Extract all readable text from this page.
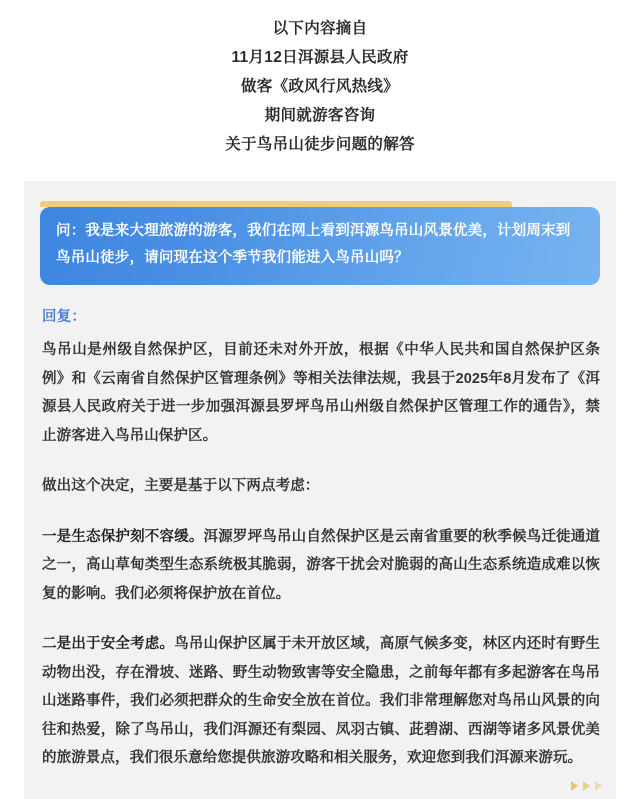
以下内容摘自
11月12日洱源县人民政府
做客《政风行风热线》
期间就游客咨询
关于鸟吊山徒步问题的解答

问：我是来大理旅游的游客，我们在网上看到洱源鸟吊山风景优美，计划周末到鸟吊山徒步，请问现在这个季节我们能进入鸟吊山吗？

回复：

鸟吊山是州级自然保护区，目前还未对外开放，根据《中华人民共和国自然保护区条例》和《云南省自然保护区管理条例》等相关法律法规，我县于2025年8月发布了《洱源县人民政府关于进一步加强洱源县罗坪鸟吊山州级自然保护区管理工作的通告》，禁止游客进入鸟吊山保护区。

做出这个决定，主要是基于以下两点考虑：

一是生态保护刻不容缓。洱源罗坪鸟吊山自然保护区是云南省重要的秋季候鸟迁徙通道之一，高山草甸类型生态系统极其脆弱，游客干扰会对脆弱的高山生态系统造成难以恢复的影响。我们必须将保护放在首位。

二是出于安全考虑。鸟吊山保护区属于未开放区域，高原气候多变，林区内还时有野生动物出没，存在滑坡、迷路、野生动物致害等安全隐患，之前每年都有多起游客在鸟吊山迷路事件，我们必须把群众的生命安全放在首位。我们非常理解您对鸟吊山风景的向往和热爱，除了鸟吊山，我们洱源还有梨园、凤羽古镇、茈碧湖、西湖等诸多风景优美的旅游景点，我们很乐意给您提供旅游攻略和相关服务，欢迎您到我们洱源来游玩。
